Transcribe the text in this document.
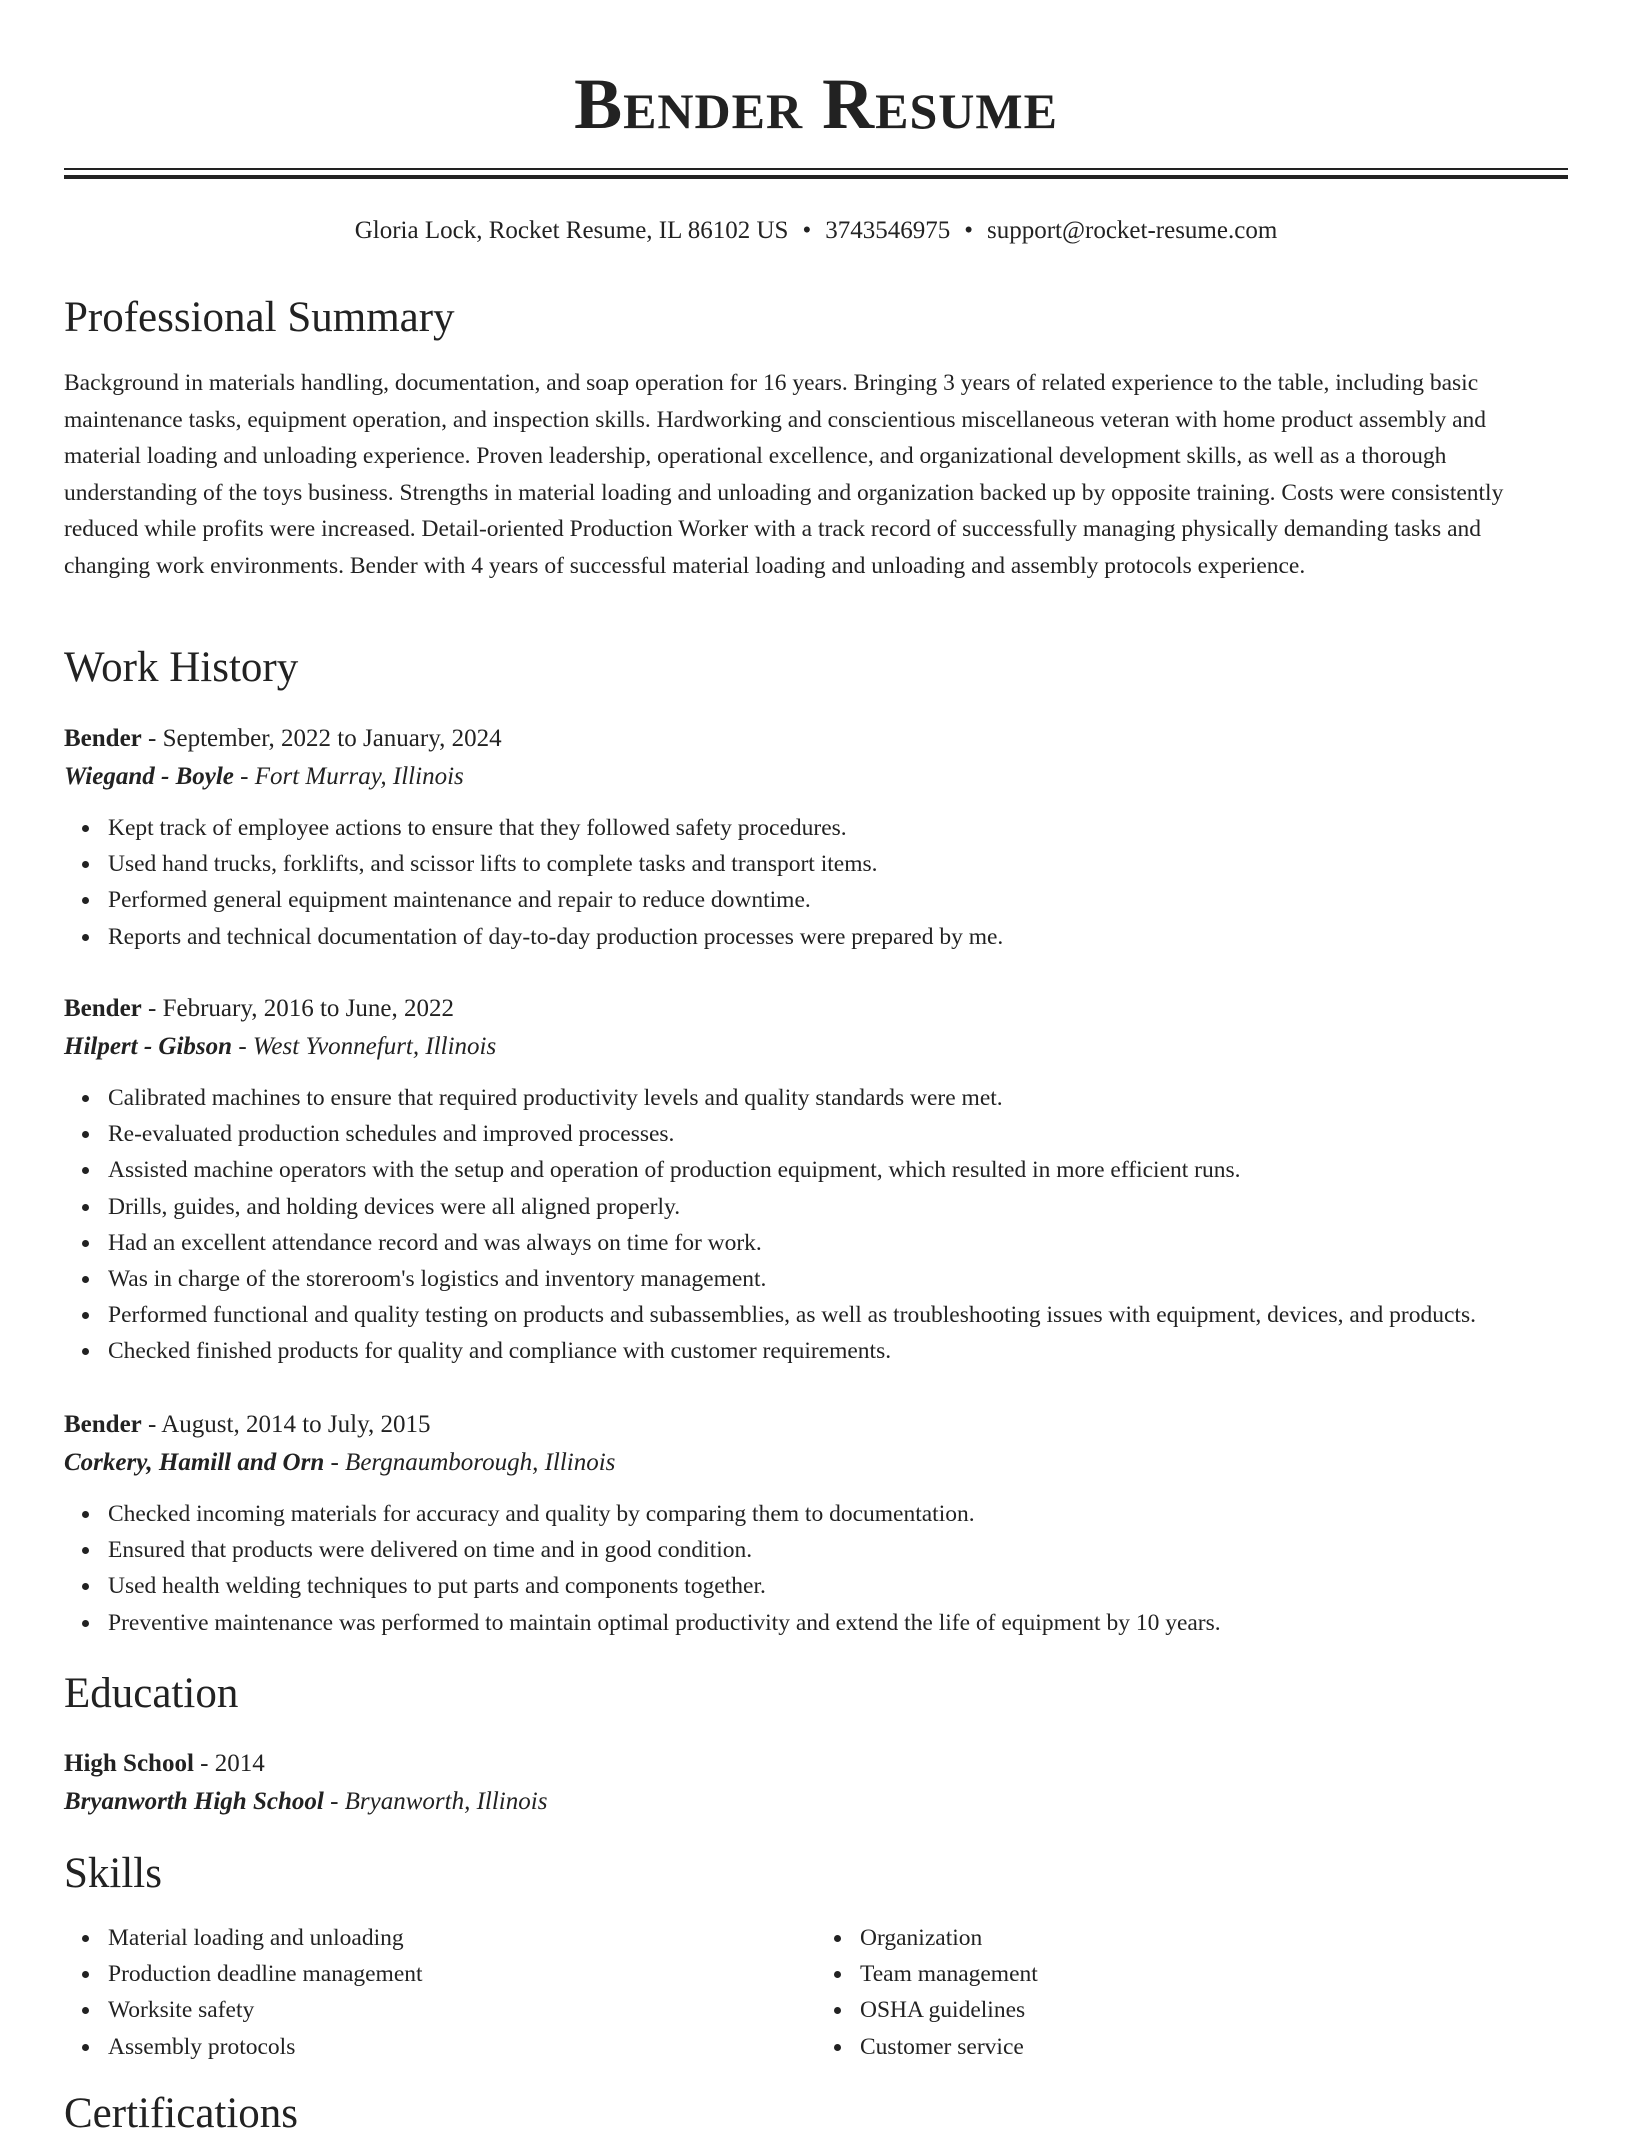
Bender Resume
Gloria Lock, Rocket Resume, IL 86102 US • 3743546975 • support@rocket-resume.com
Professional Summary

Background in materials handling, documentation, and soap operation for 16 years. Bringing 3 years of related experience to the table, including basic maintenance tasks, equipment operation, and inspection skills. Hardworking and conscientious miscellaneous veteran with home product assembly and material loading and unloading experience. Proven leadership, operational excellence, and organizational development skills, as well as a thorough understanding of the toys business. Strengths in material loading and unloading and organization backed up by opposite training. Costs were consistently reduced while profits were increased. Detail-oriented Production Worker with a track record of successfully managing physically demanding tasks and changing work environments. Bender with 4 years of successful material loading and unloading and assembly protocols experience.

Work History
Bender - September, 2022 to January, 2024
Wiegand - Boyle - Fort Murray, Illinois
Kept track of employee actions to ensure that they followed safety procedures.
Used hand trucks, forklifts, and scissor lifts to complete tasks and transport items.
Performed general equipment maintenance and repair to reduce downtime.
Reports and technical documentation of day-to-day production processes were prepared by me.
Bender - February, 2016 to June, 2022
Hilpert - Gibson - West Yvonnefurt, Illinois
Calibrated machines to ensure that required productivity levels and quality standards were met.
Re-evaluated production schedules and improved processes.
Assisted machine operators with the setup and operation of production equipment, which resulted in more efficient runs.
Drills, guides, and holding devices were all aligned properly.
Had an excellent attendance record and was always on time for work.
Was in charge of the storeroom's logistics and inventory management.
Performed functional and quality testing on products and subassemblies, as well as troubleshooting issues with equipment, devices, and products.
Checked finished products for quality and compliance with customer requirements.
Bender - August, 2014 to July, 2015
Corkery, Hamill and Orn - Bergnaumborough, Illinois
Checked incoming materials for accuracy and quality by comparing them to documentation.
Ensured that products were delivered on time and in good condition.
Used health welding techniques to put parts and components together.
Preventive maintenance was performed to maintain optimal productivity and extend the life of equipment by 10 years.
Education
High School - 2014
Bryanworth High School - Bryanworth, Illinois
Skills
Material loading and unloading
Production deadline management
Worksite safety
Assembly protocols
Organization
Team management
OSHA guidelines
Customer service
Certifications
